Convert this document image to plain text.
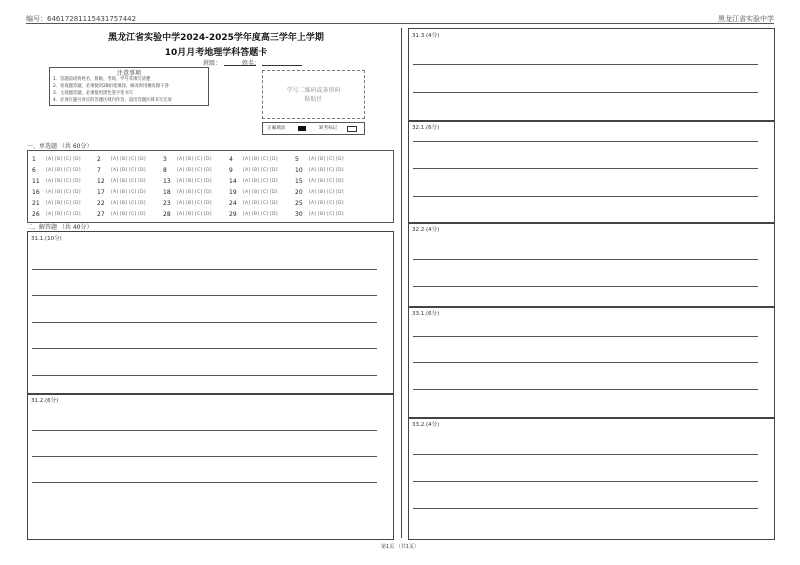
编号：64617281115431757442	黑龙江省实验中学
黑龙江省实验中学2024-2025学年度高三学年上学期
10月月考地理学科答题卡
班级：	姓名：
注意事项
1．答题前请将姓名、班级、考场、学号等填写清楚
2．客观题答题，必须使用2B铅笔填涂，修改时用橡皮擦干净
3．主观题答题，必须使用黑色签字笔书写
4．必须在题号对应的答题区域内作答，超出答题区域书写无效
学号二维码或条形码
粘贴区
正确填涂	缺考标记
一、单选题 （共 60分）
1 [A] [B] [C] [D]	2 [A] [B] [C] [D]	3 [A] [B] [C] [D]	4 [A] [B] [C] [D]	5 [A] [B] [C] [D]
6 [A] [B] [C] [D]	7 [A] [B] [C] [D]	8 [A] [B] [C] [D]	9 [A] [B] [C] [D]	10 [A] [B] [C] [D]
11 [A] [B] [C] [D]	12 [A] [B] [C] [D]	13 [A] [B] [C] [D]	14 [A] [B] [C] [D]	15 [A] [B] [C] [D]
16 [A] [B] [C] [D]	17 [A] [B] [C] [D]	18 [A] [B] [C] [D]	19 [A] [B] [C] [D]	20 [A] [B] [C] [D]
21 [A] [B] [C] [D]	22 [A] [B] [C] [D]	23 [A] [B] [C] [D]	24 [A] [B] [C] [D]	25 [A] [B] [C] [D]
26 [A] [B] [C] [D]	27 [A] [B] [C] [D]	28 [A] [B] [C] [D]	29 [A] [B] [C] [D]	30 [A] [B] [C] [D]
二、解答题 （共 40分）
31.1.(10分)
31.2.(6分)
31.3.(4分)
32.1.(6分)
32.2.(4分)
33.1.(6分)
33.2.(4分)
第1页 （共1页）
